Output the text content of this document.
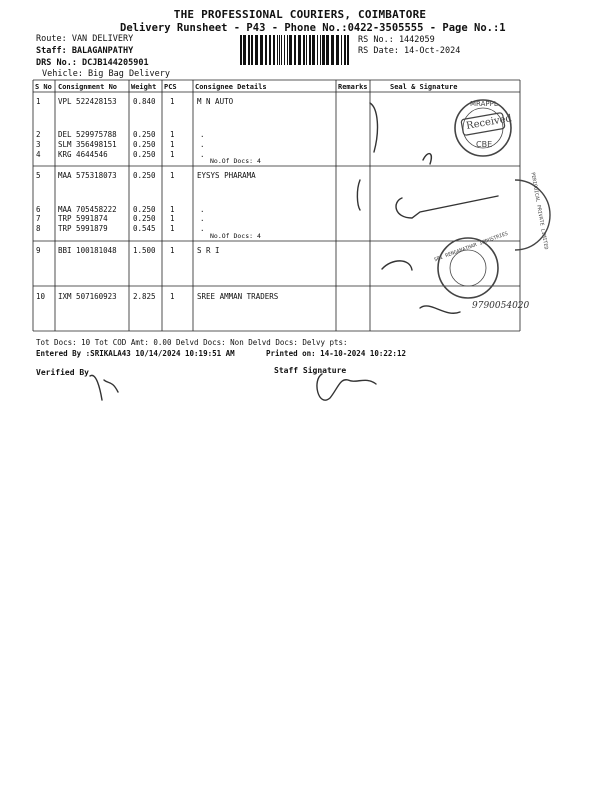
THE PROFESSIONAL COURIERS, COIMBATORE
Delivery Runsheet - P43 - Phone No.:0422-3505555 - Page No.:1
Route: VAN DELIVERY
Staff: BALAGANPATHY
DRS No.: DCJB144205901
Vehicle: Big Bag Delivery
RS No.: 1442059
RS Date: 14-Oct-2024
S No Consignment No Weight PCS	Consignee Details	Remarks	Seal & Signature
1 VPL 522428153 0.840 1	M N AUTO
2 DEL 529975788 0.250 1	.
3 SLM 356498151 0.250 1	.
4 KRG 4644546	0.250 1	.
No.Of Docs: 4
5 MAA 575318073 0.250 1	EYSYS PHARAMA
6 MAA 705458222 0.250 1	.
7 TRP 5991874	0.250 1	.
8 TRP 5991879	0.545 1	.
No.Of Docs: 4
9 BBI 100181048 1.500 1	S R I
10 IXM 507160923 2.825 1	SREE AMMAN TRADERS
MRAPPL
Received
CBE
SRI RENGANATHAR INDUSTRIES	PERIODICAL PRIVATE LIMITED
9790054020
Tot Docs: 10 Tot COD Amt: 0.00 Delvd Docs: Non Delvd Docs: Delvy pts:
Entered By :SRIKALA43 10/14/2024 10:19:51 AM	Printed on: 14-10-2024 10:22:12
Verified By	Staff Signature
